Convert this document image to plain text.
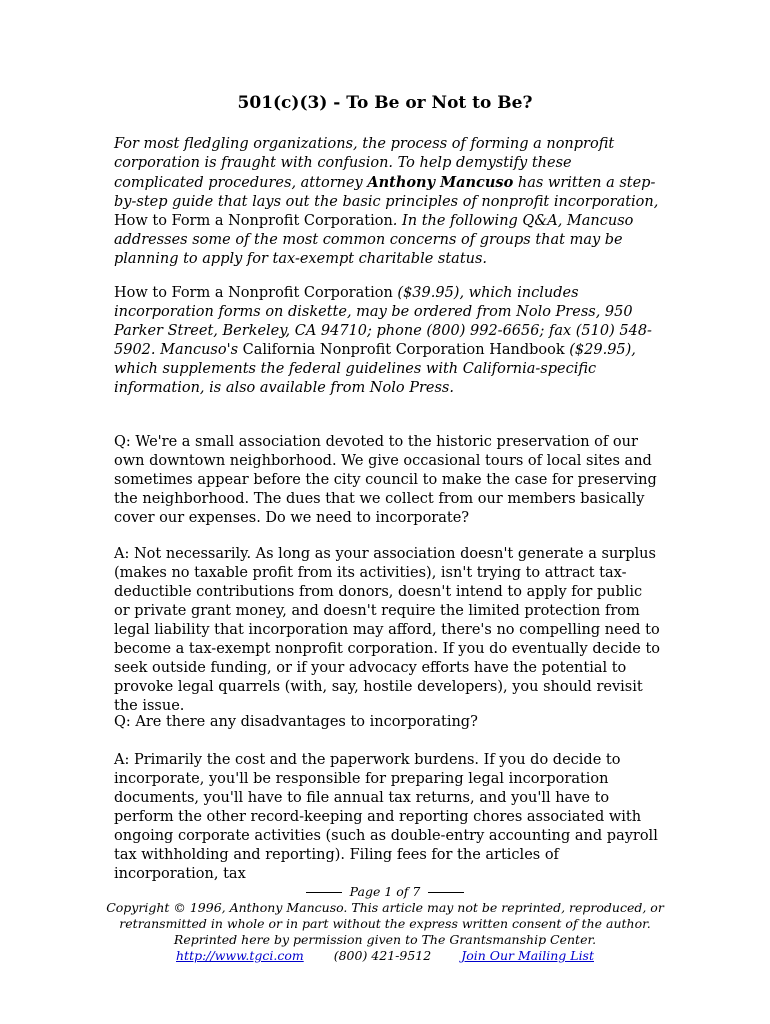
501(c)(3) - To Be or Not to Be?

For most fledgling organizations, the process of forming a nonprofit corporation is fraught with confusion. To help demystify these complicated procedures, attorney Anthony Mancuso has written a step-by-step guide that lays out the basic principles of nonprofit incorporation, How to Form a Nonprofit Corporation. In the following Q&A, Mancuso addresses some of the most common concerns of groups that may be planning to apply for tax-exempt charitable status.

How to Form a Nonprofit Corporation ($39.95), which includes incorporation forms on diskette, may be ordered from Nolo Press, 950 Parker Street, Berkeley, CA 94710; phone (800) 992-6656; fax (510) 548-5902. Mancuso's California Nonprofit Corporation Handbook ($29.95), which supplements the federal guidelines with California-specific information, is also available from Nolo Press.

Q: We're a small association devoted to the historic preservation of our own downtown neighborhood. We give occasional tours of local sites and sometimes appear before the city council to make the case for preserving the neighborhood. The dues that we collect from our members basically cover our expenses. Do we need to incorporate?

A: Not necessarily. As long as your association doesn't generate a surplus (makes no taxable profit from its activities), isn't trying to attract tax-deductible contributions from donors, doesn't intend to apply for public or private grant money, and doesn't require the limited protection from legal liability that incorporation may afford, there's no compelling need to become a tax-exempt nonprofit corporation. If you do eventually decide to seek outside funding, or if your advocacy efforts have the potential to provoke legal quarrels (with, say, hostile developers), you should revisit the issue.

Q: Are there any disadvantages to incorporating?

A: Primarily the cost and the paperwork burdens. If you do decide to incorporate, you'll be responsible for preparing legal incorporation documents, you'll have to file annual tax returns, and you'll have to perform the other record-keeping and reporting chores associated with ongoing corporate activities (such as double-entry accounting and payroll tax withholding and reporting). Filing fees for the articles of incorporation, tax

Page 1 of 7
Copyright © 1996, Anthony Mancuso. This article may not be reprinted, reproduced, or
retransmitted in whole or in part without the express written consent of the author.
Reprinted here by permission given to The Grantsmanship Center.
http://www.tgci.com (800) 421-9512 Join Our Mailing List
